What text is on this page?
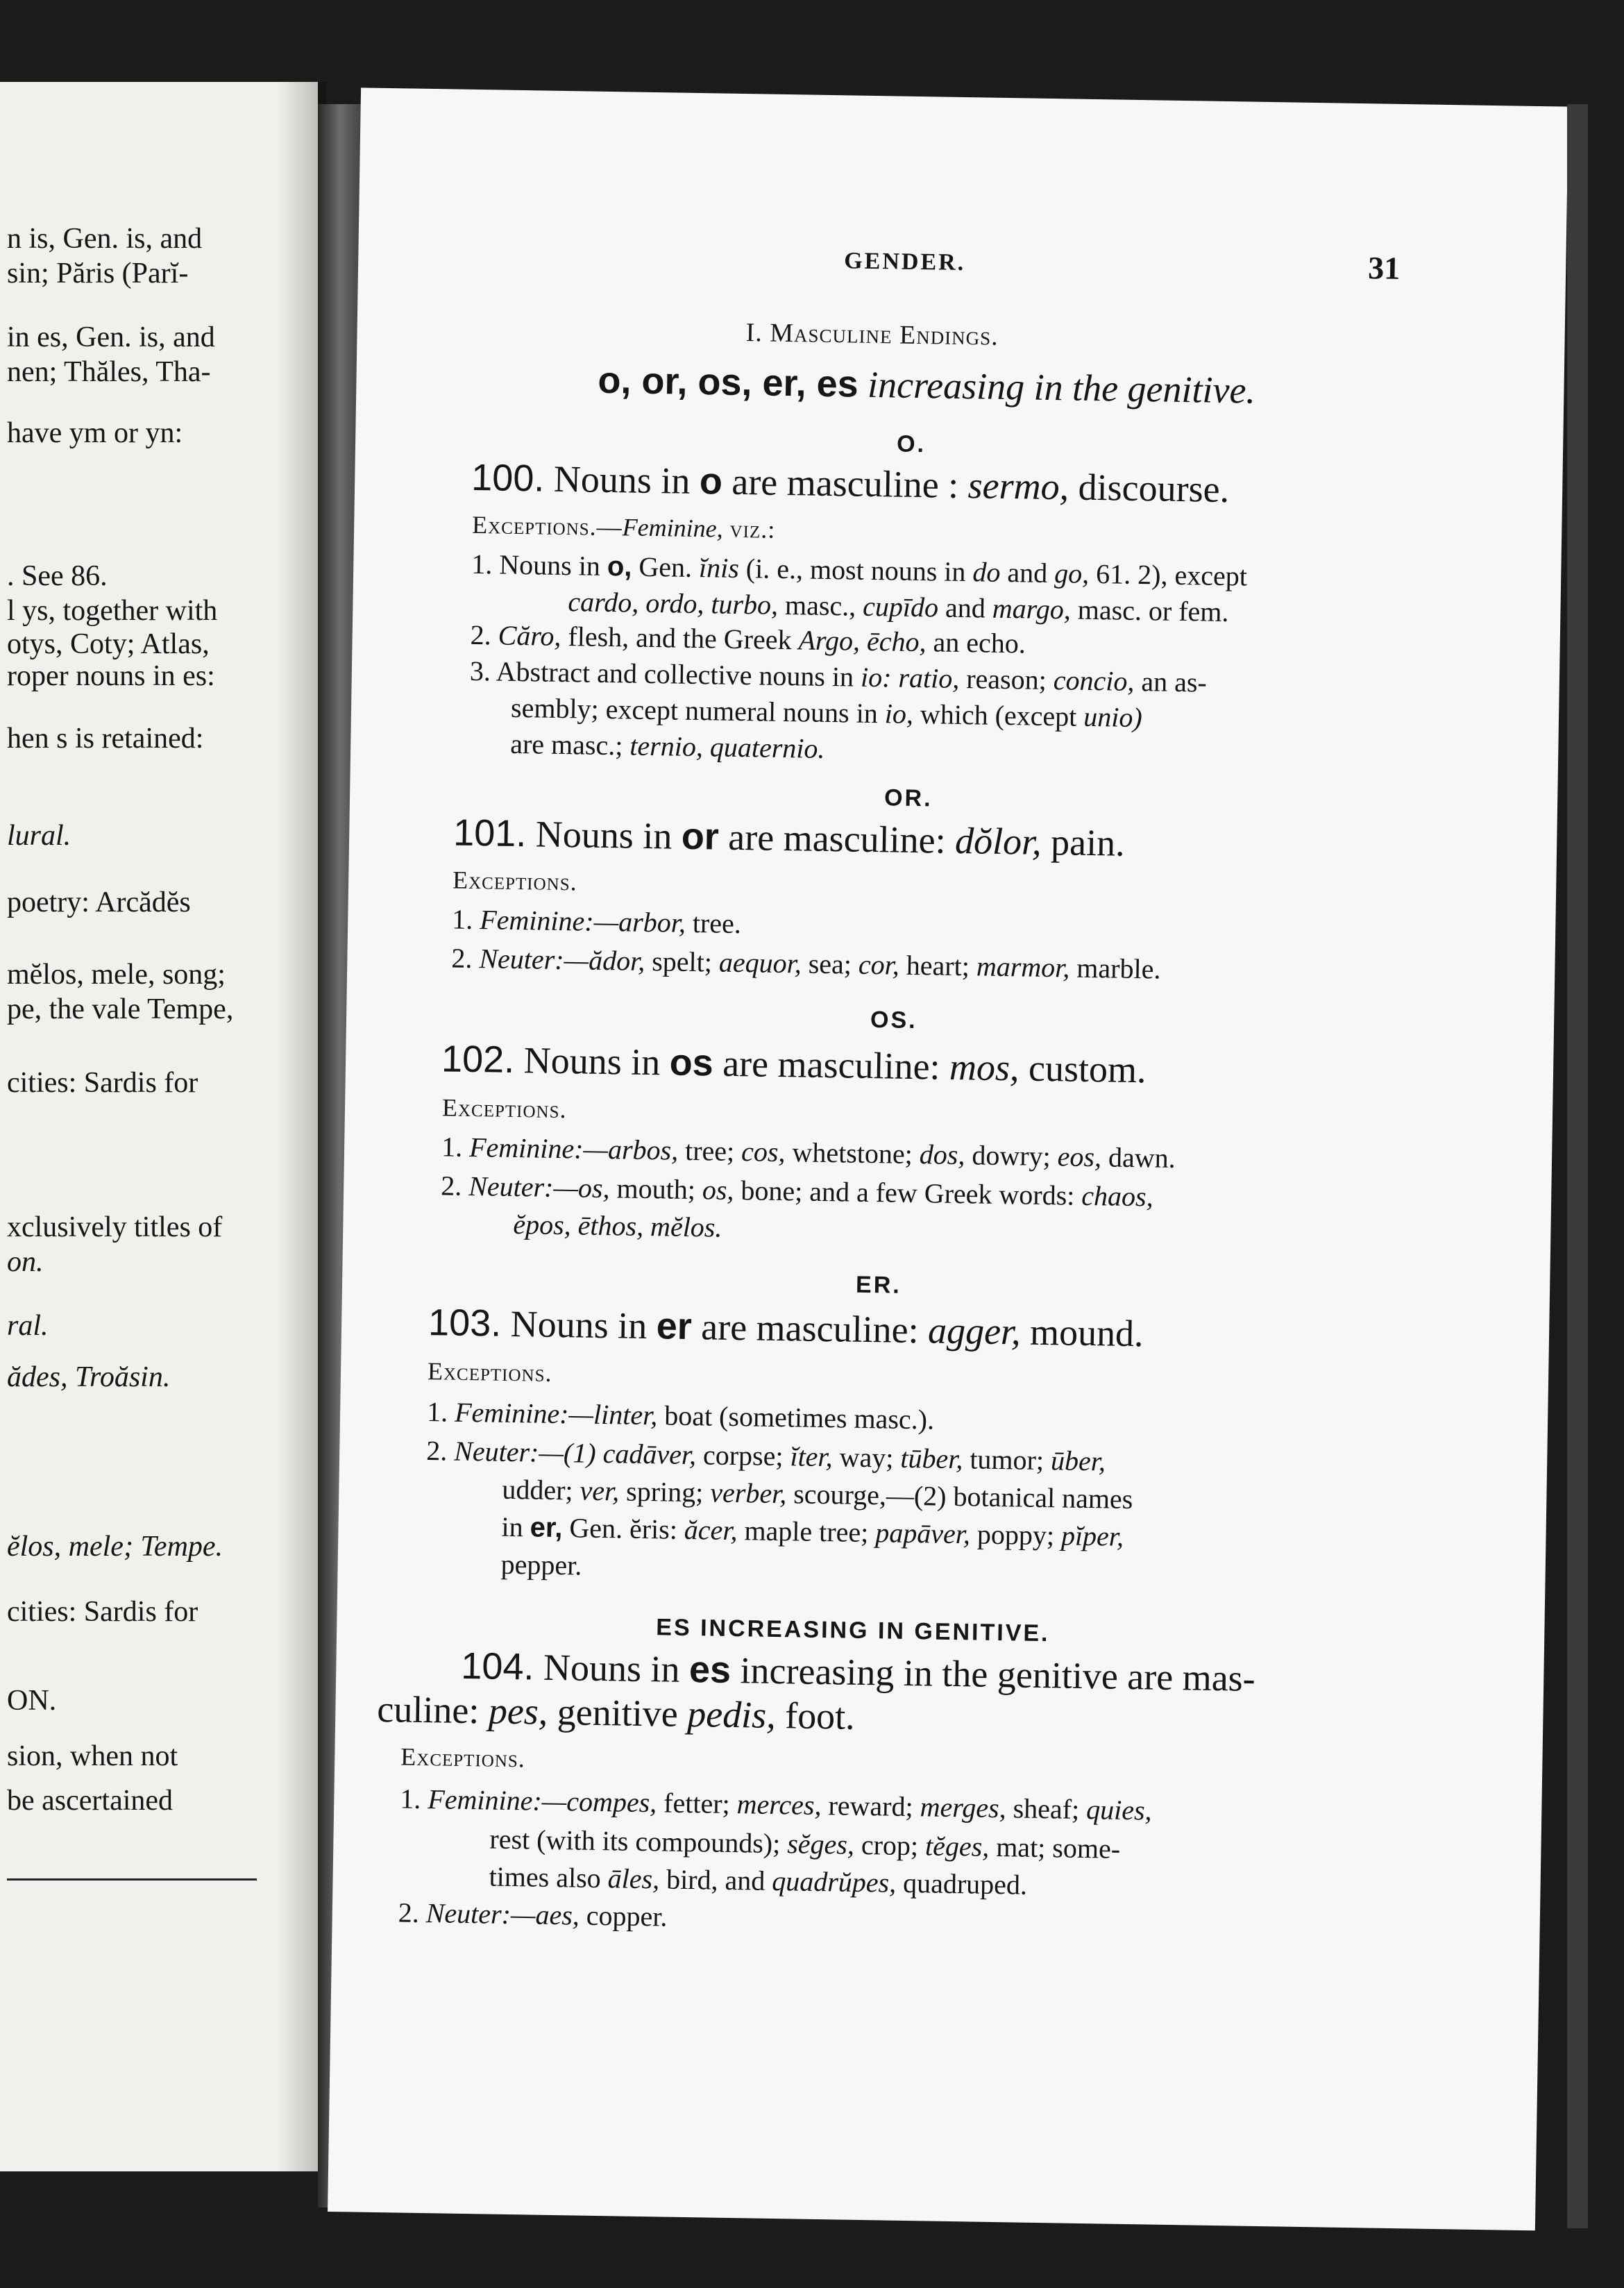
n is, Gen. is, and
sin; Păris (Parĭ-
in es, Gen. is, and
nen; Thăles, Tha-
have ym or yn:
. See 86.
l ys, together with
otys, Coty; Atlas,
roper nouns in es:
hen s is retained:
lural.
poetry: Arcădĕs
mĕlos, mele, song;
pe, the vale Tempe,
cities: Sardis for
xclusively titles of
on.
ral.
ădes, Troăsin.
ĕlos, mele; Tempe.
cities: Sardis for
ON.
sion, when not
be ascertained
GENDER.	31
I. Masculine Endings.
o, or, os, er, es increasing in the genitive.
O.
100. Nouns in o are masculine : sermo, discourse.
Exceptions.—Feminine, viz.:
1. Nouns in o, Gen. ĭnis (i. e., most nouns in do and go, 61. 2), except
cardo, ordo, turbo, masc., cupīdo and margo, masc. or fem.
2. Căro, flesh, and the Greek Argo, ēcho, an echo.
3. Abstract and collective nouns in io: ratio, reason; concio, an as-
sembly; except numeral nouns in io, which (except unio)
are masc.; ternio, quaternio.
OR.
101. Nouns in or are masculine: dŏlor, pain.
Exceptions.
1. Feminine:—arbor, tree.
2. Neuter:—ădor, spelt; aequor, sea; cor, heart; marmor, marble.
OS.
102. Nouns in os are masculine: mos, custom.
Exceptions.
1. Feminine:—arbos, tree; cos, whetstone; dos, dowry; eos, dawn.
2. Neuter:—os, mouth; os, bone; and a few Greek words: chaos,
ĕpos, ēthos, mĕlos.
ER.
103. Nouns in er are masculine: agger, mound.
Exceptions.
1. Feminine:—linter, boat (sometimes masc.).
2. Neuter:—(1) cadāver, corpse; ĭter, way; tūber, tumor; ūber,
udder; ver, spring; verber, scourge,—(2) botanical names
in er, Gen. ĕris: ăcer, maple tree; papāver, poppy; pĭper,
pepper.
ES INCREASING IN GENITIVE.
104. Nouns in es increasing in the genitive are mas-
culine: pes, genitive pedis, foot.
Exceptions.
1. Feminine:—compes, fetter; merces, reward; merges, sheaf; quies,
rest (with its compounds); sĕges, crop; tĕges, mat; some-
times also āles, bird, and quadrŭpes, quadruped.
2. Neuter:—aes, copper.
